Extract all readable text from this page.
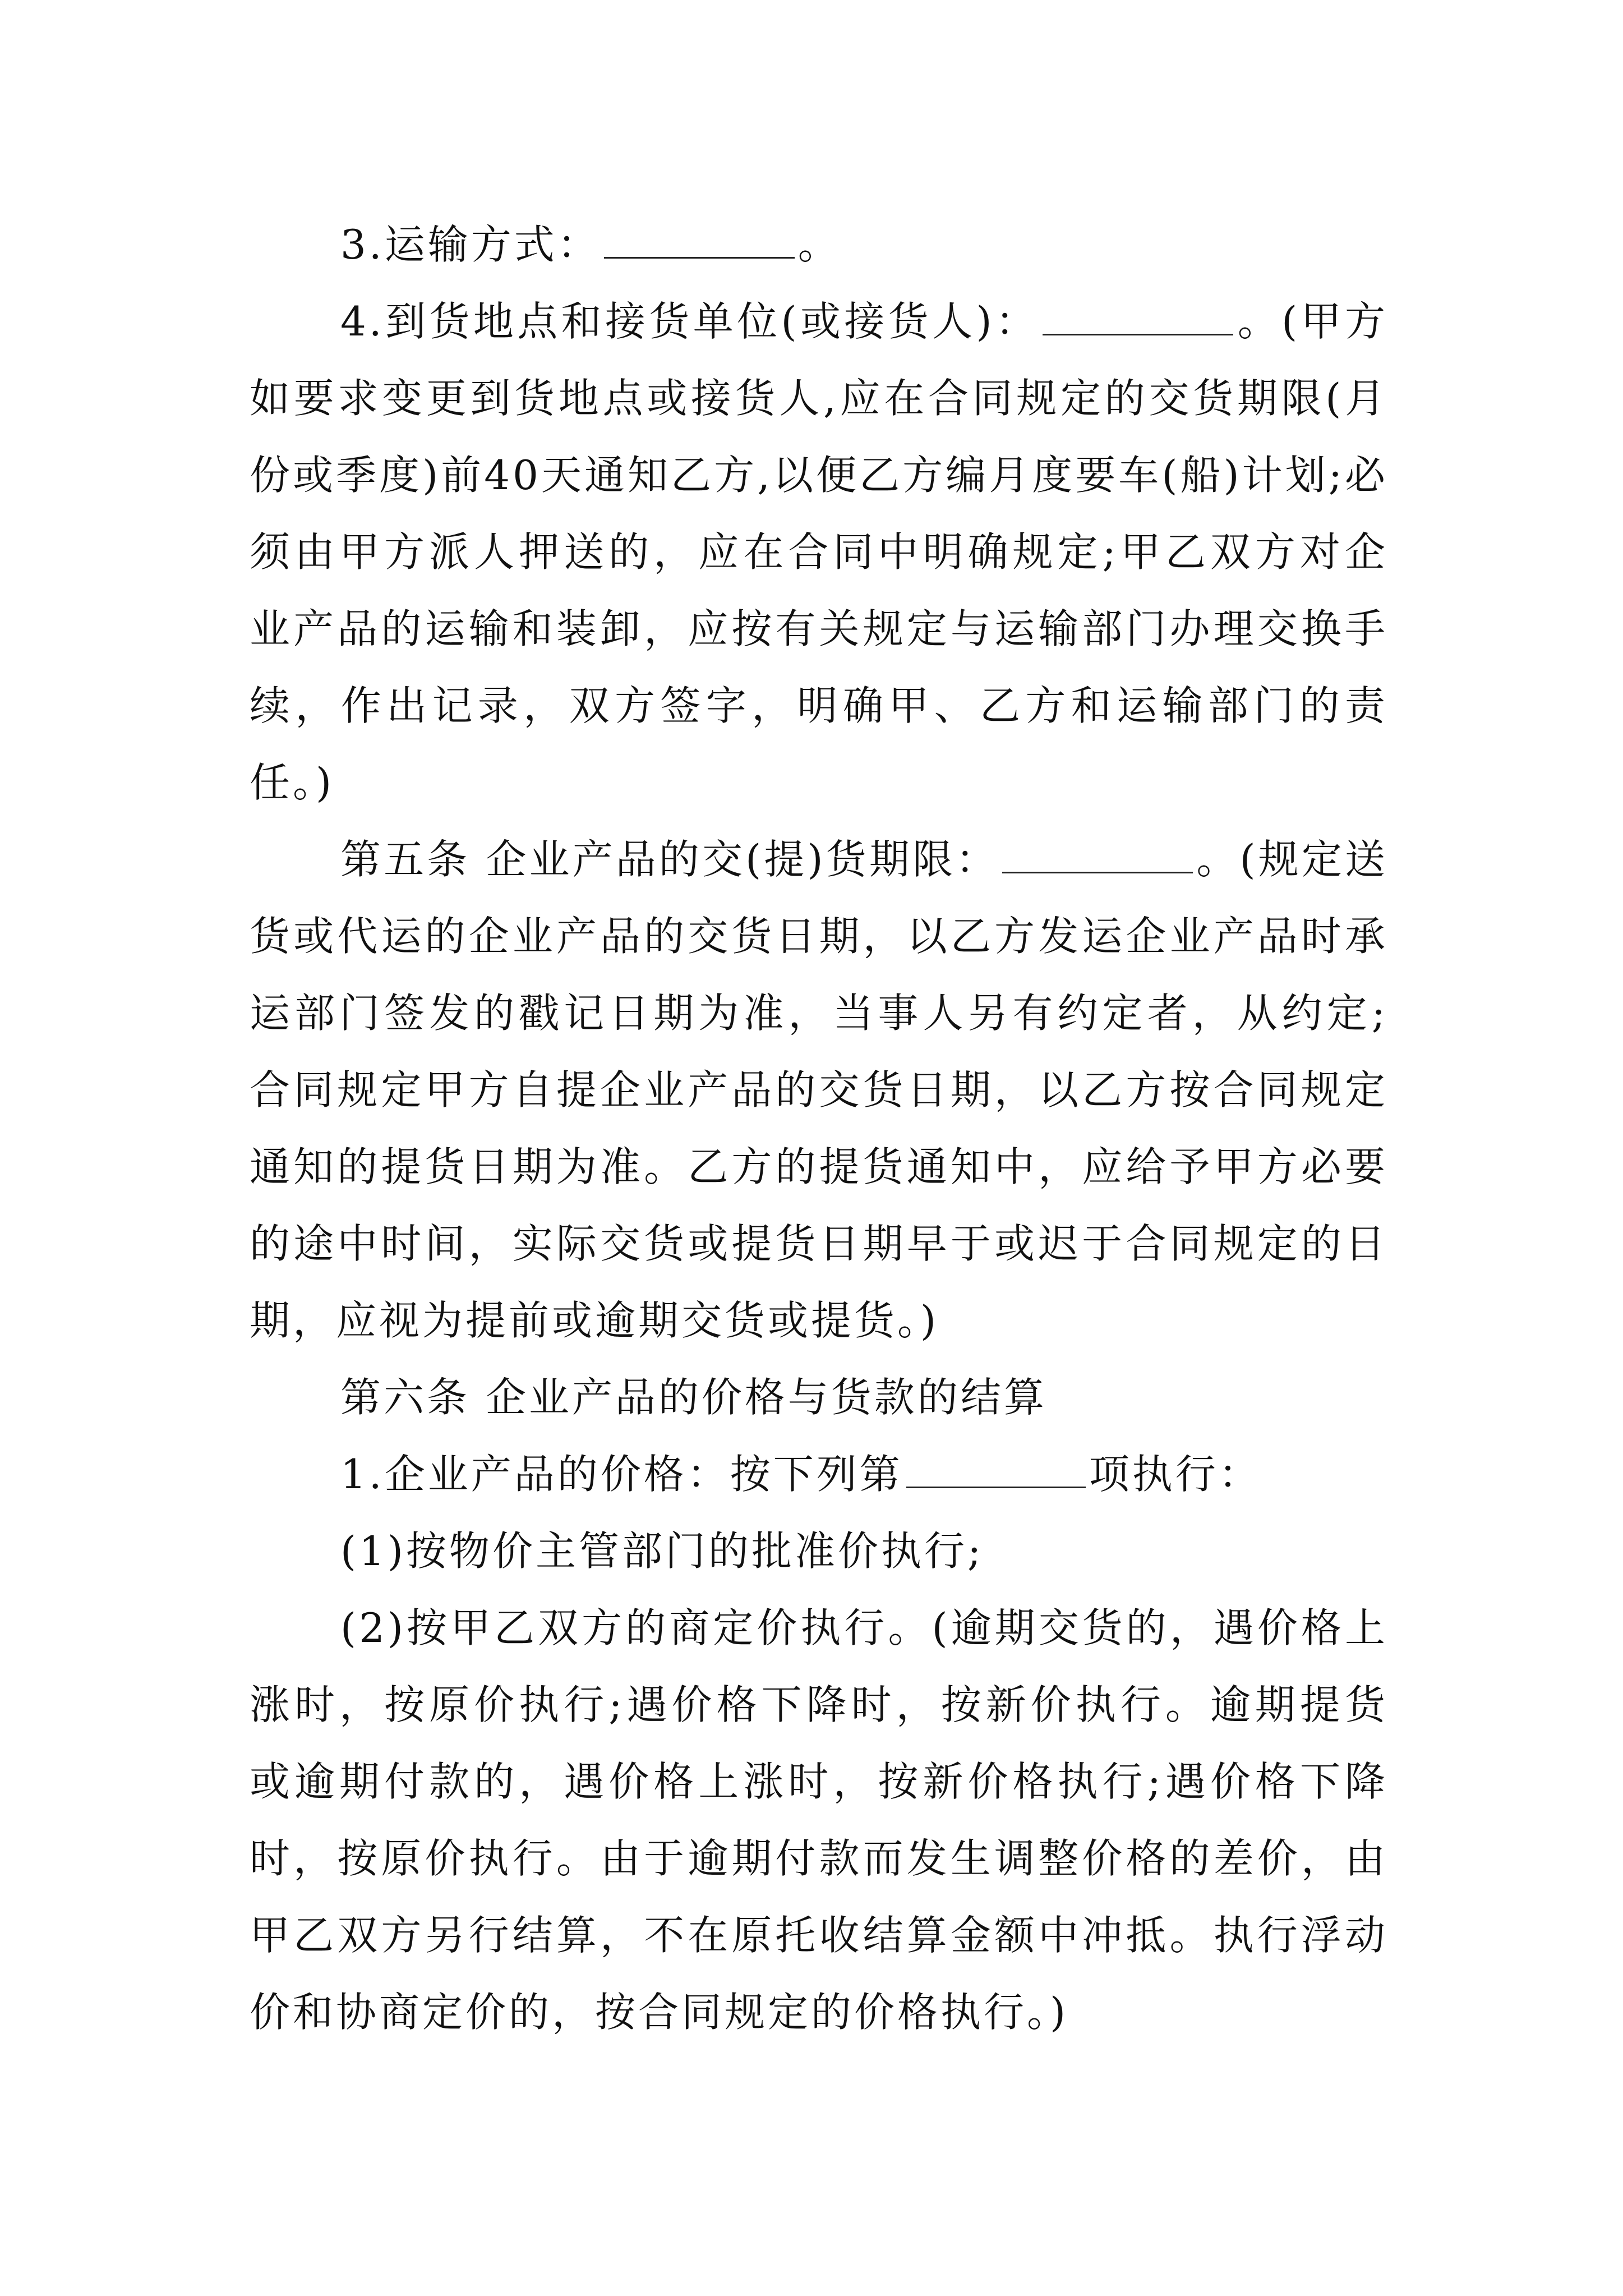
3.运输方式：	。

4.到货地点和接货单位(或接货人)：	。(甲方如要求变更到货地点或接货人,应在合同规定的交货期限(月份或季度)前40天通知乙方,以便乙方编月度要车(船)计划;必须由甲方派人押送的，应在合同中明确规定;甲乙双方对企业产品的运输和装卸，应按有关规定与运输部门办理交换手续，作出记录，双方签字，明确甲、乙方和运输部门的责任。)

第五条 企业产品的交(提)货期限：	。(规定送货或代运的企业产品的交货日期，以乙方发运企业产品时承运部门签发的戳记日期为准，当事人另有约定者，从约定;合同规定甲方自提企业产品的交货日期，以乙方按合同规定通知的提货日期为准。乙方的提货通知中，应给予甲方必要的途中时间，实际交货或提货日期早于或迟于合同规定的日期，应视为提前或逾期交货或提货。)

第六条 企业产品的价格与货款的结算

1.企业产品的价格：按下列第	项执行：

(1)按物价主管部门的批准价执行;

(2)按甲乙双方的商定价执行。(逾期交货的，遇价格上涨时，按原价执行;遇价格下降时，按新价执行。逾期提货或逾期付款的，遇价格上涨时，按新价格执行;遇价格下降时，按原价执行。由于逾期付款而发生调整价格的差价，由甲乙双方另行结算，不在原托收结算金额中冲抵。执行浮动价和协商定价的，按合同规定的价格执行。)
